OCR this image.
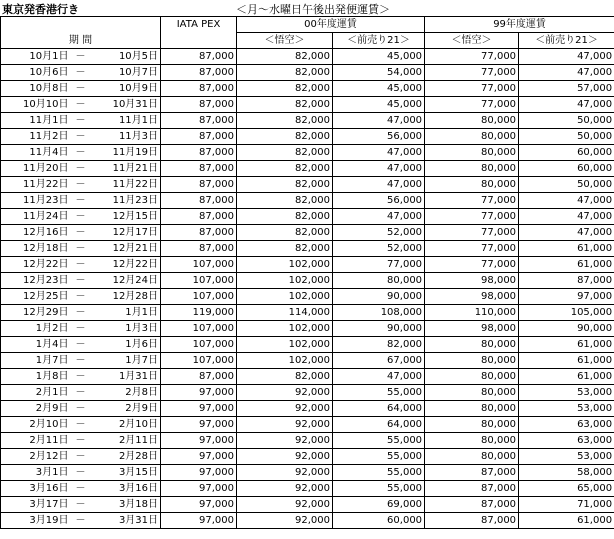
東京発香港行き	＜月～水曜日午後出発便運賃＞
			IATA PEX	00年度運賃		99年度運賃	
期 間				＜悟空＞	＜前売り21＞	＜悟空＞	＜前売り21＞
10月1日	－	10月5日	87,000	82,000	45,000	77,000	47,000
10月6日	－	10月7日	87,000	82,000	54,000	77,000	47,000
10月8日	－	10月9日	87,000	82,000	45,000	77,000	57,000
10月10日	－	10月31日	87,000	82,000	45,000	77,000	47,000
11月1日	－	11月1日	87,000	82,000	47,000	80,000	50,000
11月2日	－	11月3日	87,000	82,000	56,000	80,000	50,000
11月4日	－	11月19日	87,000	82,000	47,000	80,000	60,000
11月20日	－	11月21日	87,000	82,000	47,000	80,000	60,000
11月22日	－	11月22日	87,000	82,000	47,000	80,000	50,000
11月23日	－	11月23日	87,000	82,000	56,000	77,000	47,000
11月24日	－	12月15日	87,000	82,000	47,000	77,000	47,000
12月16日	－	12月17日	87,000	82,000	52,000	77,000	47,000
12月18日	－	12月21日	87,000	82,000	52,000	77,000	61,000
12月22日	－	12月22日	107,000	102,000	77,000	77,000	61,000
12月23日	－	12月24日	107,000	102,000	80,000	98,000	87,000
12月25日	－	12月28日	107,000	102,000	90,000	98,000	97,000
12月29日	－	1月1日	119,000	114,000	108,000	110,000	105,000
1月2日	－	1月3日	107,000	102,000	90,000	98,000	90,000
1月4日	－	1月6日	107,000	102,000	82,000	80,000	61,000
1月7日	－	1月7日	107,000	102,000	67,000	80,000	61,000
1月8日	－	1月31日	87,000	82,000	47,000	80,000	61,000
2月1日	－	2月8日	97,000	92,000	55,000	80,000	53,000
2月9日	－	2月9日	97,000	92,000	64,000	80,000	53,000
2月10日	－	2月10日	97,000	92,000	64,000	80,000	63,000
2月11日	－	2月11日	97,000	92,000	55,000	80,000	63,000
2月12日	－	2月28日	97,000	92,000	55,000	80,000	53,000
3月1日	－	3月15日	97,000	92,000	55,000	87,000	58,000
3月16日	－	3月16日	97,000	92,000	55,000	87,000	65,000
3月17日	－	3月18日	97,000	92,000	69,000	87,000	71,000
3月19日	－	3月31日	97,000	92,000	60,000	87,000	61,000
